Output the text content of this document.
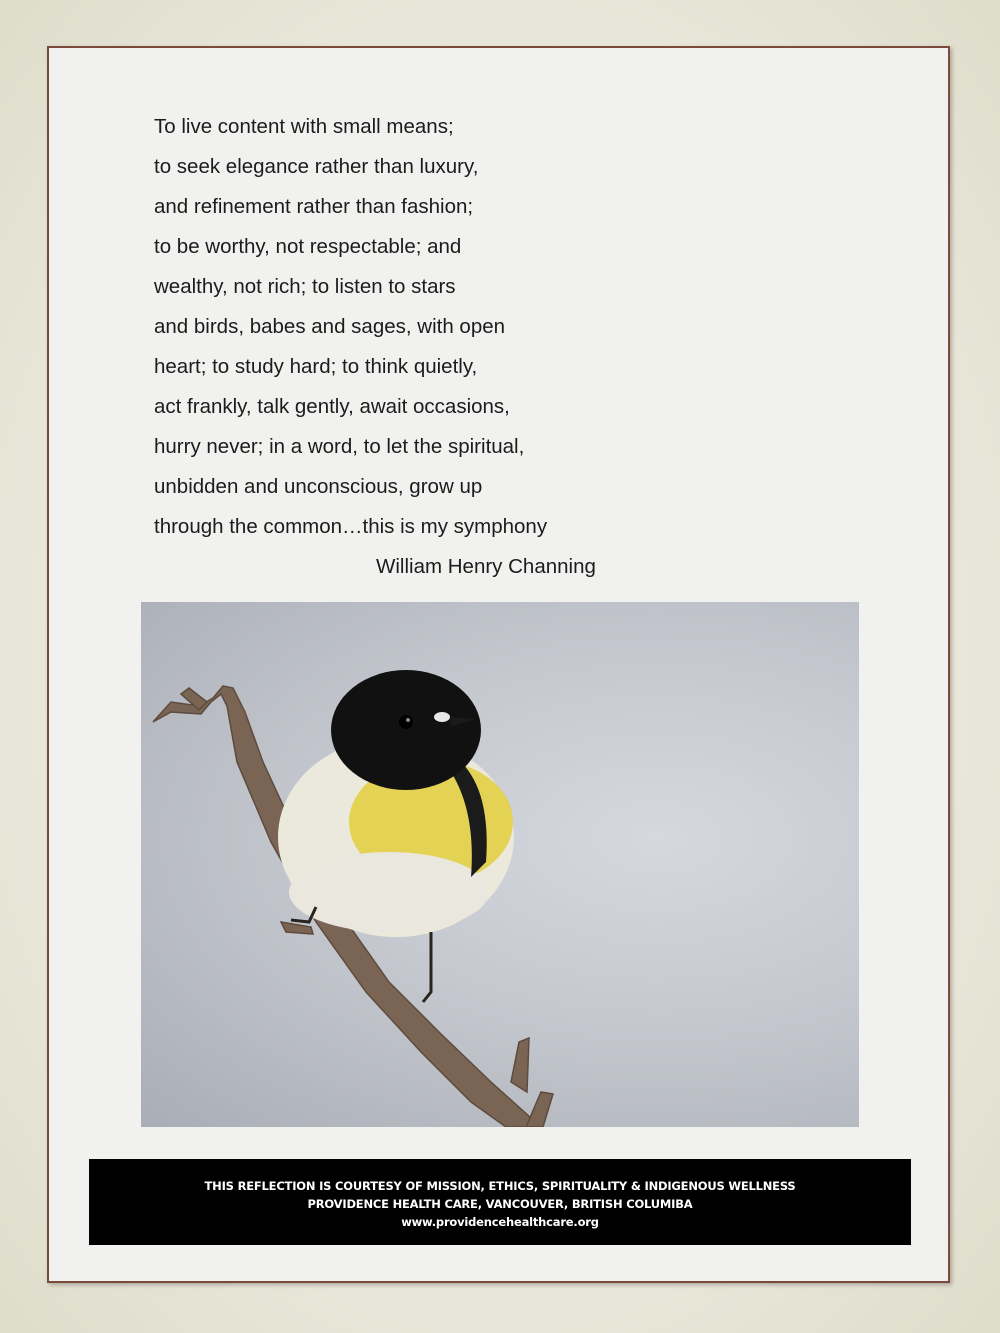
To live content with small means;
to seek elegance rather than luxury,
and refinement rather than fashion;
to be worthy, not respectable; and
wealthy, not rich; to listen to stars
and birds, babes and sages, with open
heart; to study hard; to think quietly,
act frankly, talk gently, await occasions,
hurry never; in a word, to let the spiritual,
unbidden and unconscious, grow up
through the common…this is my symphony
William Henry Channing
THIS REFLECTION IS COURTESY OF MISSION, ETHICS, SPIRITUALITY & INDIGENOUS WELLNESS
PROVIDENCE HEALTH CARE, VANCOUVER, BRITISH COLUMIBA
www.providencehealthcare.org
